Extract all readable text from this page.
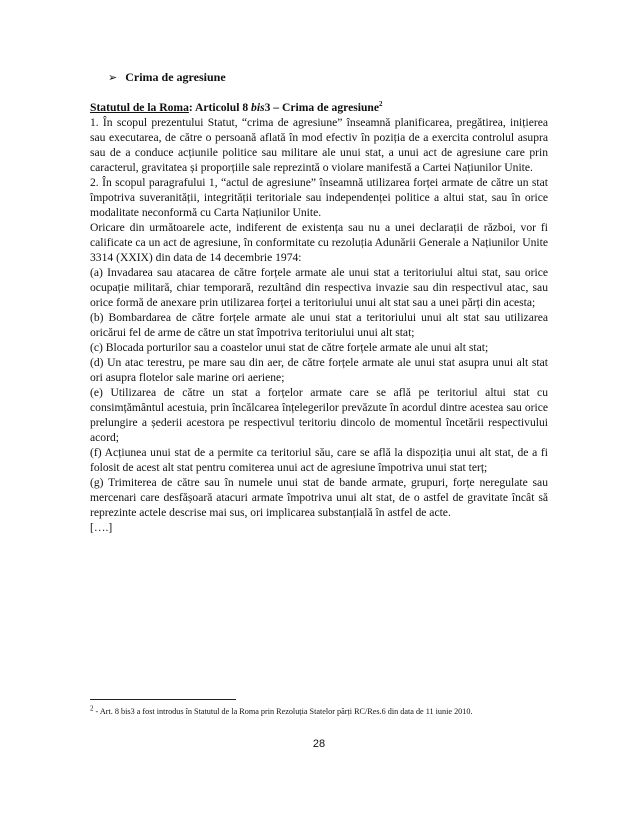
➢ Crima de agresiune

Statutul de la Roma: Articolul 8 bis3 – Crima de agresiune$^2$

1. În scopul prezentului Statut, “crima de agresiune” înseamnă planificarea, pregătirea, inițierea sau executarea, de către o persoană aflată în mod efectiv în poziția de a exercita controlul asupra sau de a conduce acțiunile politice sau militare ale unui stat, a unui act de agresiune care prin caracterul, gravitatea și proporțiile sale reprezintă o violare manifestă a Cartei Națiunilor Unite.

2. În scopul paragrafului 1, “actul de agresiune” înseamnă utilizarea forței armate de către un stat împotriva suveranității, integrității teritoriale sau independenței politice a altui stat, sau în orice modalitate neconformă cu Carta Națiunilor Unite.

Oricare din următoarele acte, indiferent de existența sau nu a unei declarații de război, vor fi calificate ca un act de agresiune, în conformitate cu rezoluția Adunării Generale a Națiunilor Unite 3314 (XXIX) din data de 14 decembrie 1974:

(a) Invadarea sau atacarea de către forțele armate ale unui stat a teritoriului altui stat, sau orice ocupație militară, chiar temporară, rezultând din respectiva invazie sau din respectivul atac, sau orice formă de anexare prin utilizarea forței a teritoriului unui alt stat sau a unei părți din acesta;

(b) Bombardarea de către forțele armate ale unui stat a teritoriului unui alt stat sau utilizarea oricărui fel de arme de către un stat împotriva teritoriului unui alt stat;

(c) Blocada porturilor sau a coastelor unui stat de către forțele armate ale unui alt stat;

(d) Un atac terestru, pe mare sau din aer, de către forțele armate ale unui stat asupra unui alt stat ori asupra flotelor sale marine ori aeriene;

(e) Utilizarea de către un stat a forțelor armate care se află pe teritoriul altui stat cu consimțământul acestuia, prin încălcarea înțelegerilor prevăzute în acordul dintre acestea sau orice prelungire a șederii acestora pe respectivul teritoriu dincolo de momentul încetării respectivului acord;

(f) Acțiunea unui stat de a permite ca teritoriul său, care se află la dispoziția unui alt stat, de a fi folosit de acest alt stat pentru comiterea unui act de agresiune împotriva unui stat terț;

(g) Trimiterea de către sau în numele unui stat de bande armate, grupuri, forțe neregulate sau mercenari care desfășoară atacuri armate împotriva unui alt stat, de o astfel de gravitate încât să reprezinte actele descrise mai sus, ori implicarea substanțială în astfel de acte.

[….]

$^2$ - Art. 8 bis3 a fost introdus în Statutul de la Roma prin Rezoluția Statelor părți RC/Res.6 din data de 11 iunie 2010.
28
